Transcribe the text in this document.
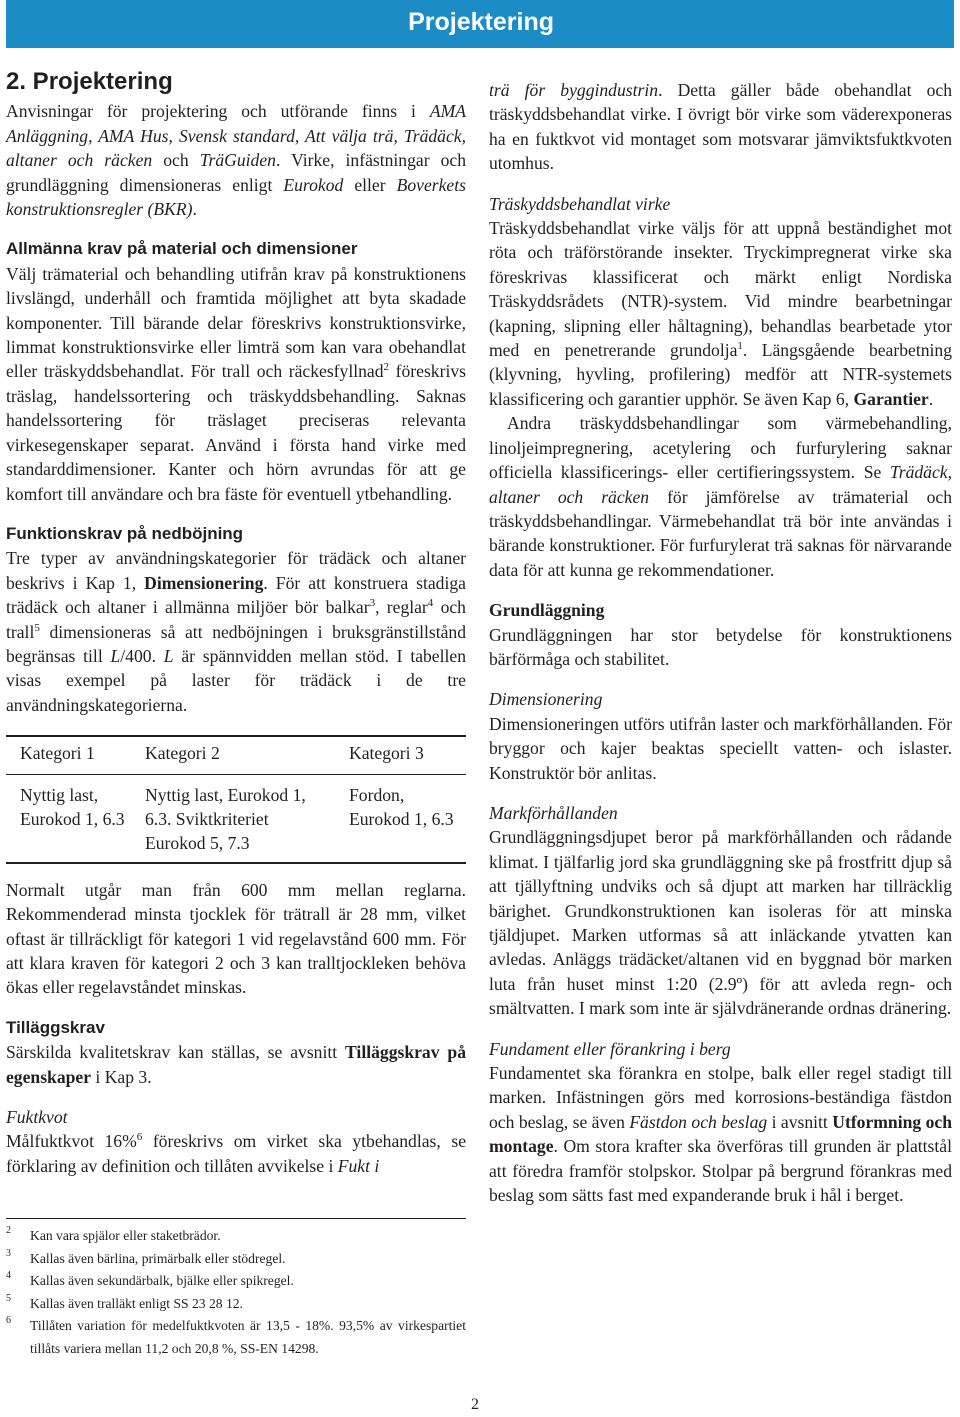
Projektering
2. Projektering

Anvisningar för projektering och utförande finns i AMA Anläggning, AMA Hus, Svensk standard, Att välja trä, Trädäck, altaner och räcken och TräGuiden. Virke, infästningar och grundläggning dimensioneras enligt Eurokod eller Boverkets konstruktionsregler (BKR).

Allmänna krav på material och dimensioner

Välj trämaterial och behandling utifrån krav på konstruktionens livslängd, underhåll och framtida möjlighet att byta skadade komponenter. Till bärande delar föreskrivs konstruktionsvirke, limmat konstruktionsvirke eller limträ som kan vara obehandlat eller träskyddsbehandlat. För trall och räckesfyllnad$^2$ föreskrivs träslag, handelssortering och träskyddsbehandling. Saknas handelssortering för träslaget preciseras relevanta virkesegenskaper separat. Använd i första hand virke med standarddimensioner. Kanter och hörn avrundas för att ge komfort till användare och bra fäste för eventuell ytbehandling.

Funktionskrav på nedböjning

Tre typer av användningskategorier för trädäck och altaner beskrivs i Kap 1, Dimensionering. För att konstruera stadiga trädäck och altaner i allmänna miljöer bör balkar$^3$, reglar$^4$ och trall$^5$ dimensioneras så att nedböjningen i bruksgränstillstånd begränsas till L/400. L är spännvidden mellan stöd. I tabellen visas exempel på laster för trädäck i de tre användningskategorierna.

Kategori 1	Kategori 2	Kategori 3
Nyttig last, Eurokod 1, 6.3	Nyttig last, Eurokod 1, 6.3. Sviktkriteriet Eurokod 5, 7.3	Fordon, Eurokod 1, 6.3

Normalt utgår man från 600 mm mellan reglarna. Rekommenderad minsta tjocklek för trätrall är 28 mm, vilket oftast är tillräckligt för kategori 1 vid regelavstånd 600 mm. För att klara kraven för kategori 2 och 3 kan tralltjockleken behöva ökas eller regelavståndet minskas.

Tilläggskrav

Särskilda kvalitetskrav kan ställas, se avsnitt Tilläggskrav på egenskaper i Kap 3.

Fuktkvot

Målfuktkvot 16%$^6$ föreskrivs om virket ska ytbehandlas, se förklaring av definition och tillåten avvikelse i Fukt i

2 Kan vara spjälor eller staketbrädor.
3 Kallas även bärlina, primärbalk eller stödregel.
4 Kallas även sekundärbalk, bjälke eller spikregel.
5 Kallas även tralläkt enligt SS 23 28 12.
6 Tillåten variation för medelfuktkvoten är 13,5 - 18%. 93,5% av virkespartiet tillåts variera mellan 11,2 och 20,8 %, SS-EN 14298.

trä för byggindustrin. Detta gäller både obehandlat och träskyddsbehandlat virke. I övrigt bör virke som väderexponeras ha en fuktkvot vid montaget som motsvarar jämviktsfuktkvoten utomhus.

Träskyddsbehandlat virke

Träskyddsbehandlat virke väljs för att uppnå beständighet mot röta och träförstörande insekter. Tryckimpregnerat virke ska föreskrivas klassificerat och märkt enligt Nordiska Träskyddsrådets (NTR)-system. Vid mindre bearbetningar (kapning, slipning eller håltagning), behandlas bearbetade ytor med en penetrerande grundolja$^1$. Längsgående bearbetning (klyvning, hyvling, profilering) medför att NTR-systemets klassificering och garantier upphör. Se även Kap 6, Garantier.

Andra träskyddsbehandlingar som värmebehandling, linoljeimpregnering, acetylering och furfurylering saknar officiella klassificerings- eller certifieringssystem. Se Trädäck, altaner och räcken för jämförelse av trämaterial och träskyddsbehandlingar. Värmebehandlat trä bör inte användas i bärande konstruktioner. För furfurylerat trä saknas för närvarande data för att kunna ge rekommendationer.

Grundläggning

Grundläggningen har stor betydelse för konstruktionens bärförmåga och stabilitet.

Dimensionering

Dimensioneringen utförs utifrån laster och markförhållanden. För bryggor och kajer beaktas speciellt vatten- och islaster. Konstruktör bör anlitas.

Markförhållanden

Grundläggningsdjupet beror på markförhållanden och rådande klimat. I tjälfarlig jord ska grundläggning ske på frostfritt djup så att tjällyftning undviks och så djupt att marken har tillräcklig bärighet. Grundkonstruktionen kan isoleras för att minska tjäldjupet. Marken utformas så att inläckande ytvatten kan avledas. Anläggs trädäcket/altanen vid en byggnad bör marken luta från huset minst 1:20 (2.9º) för att avleda regn- och smältvatten. I mark som inte är självdränerande ordnas dränering.

Fundament eller förankring i berg

Fundamentet ska förankra en stolpe, balk eller regel stadigt till marken. Infästningen görs med korrosions-beständiga fästdon och beslag, se även Fästdon och beslag i avsnitt Utformning och montage. Om stora krafter ska överföras till grunden är plattstål att föredra framför stolpskor. Stolpar på bergrund förankras med beslag som sätts fast med expanderande bruk i hål i berget.

2
